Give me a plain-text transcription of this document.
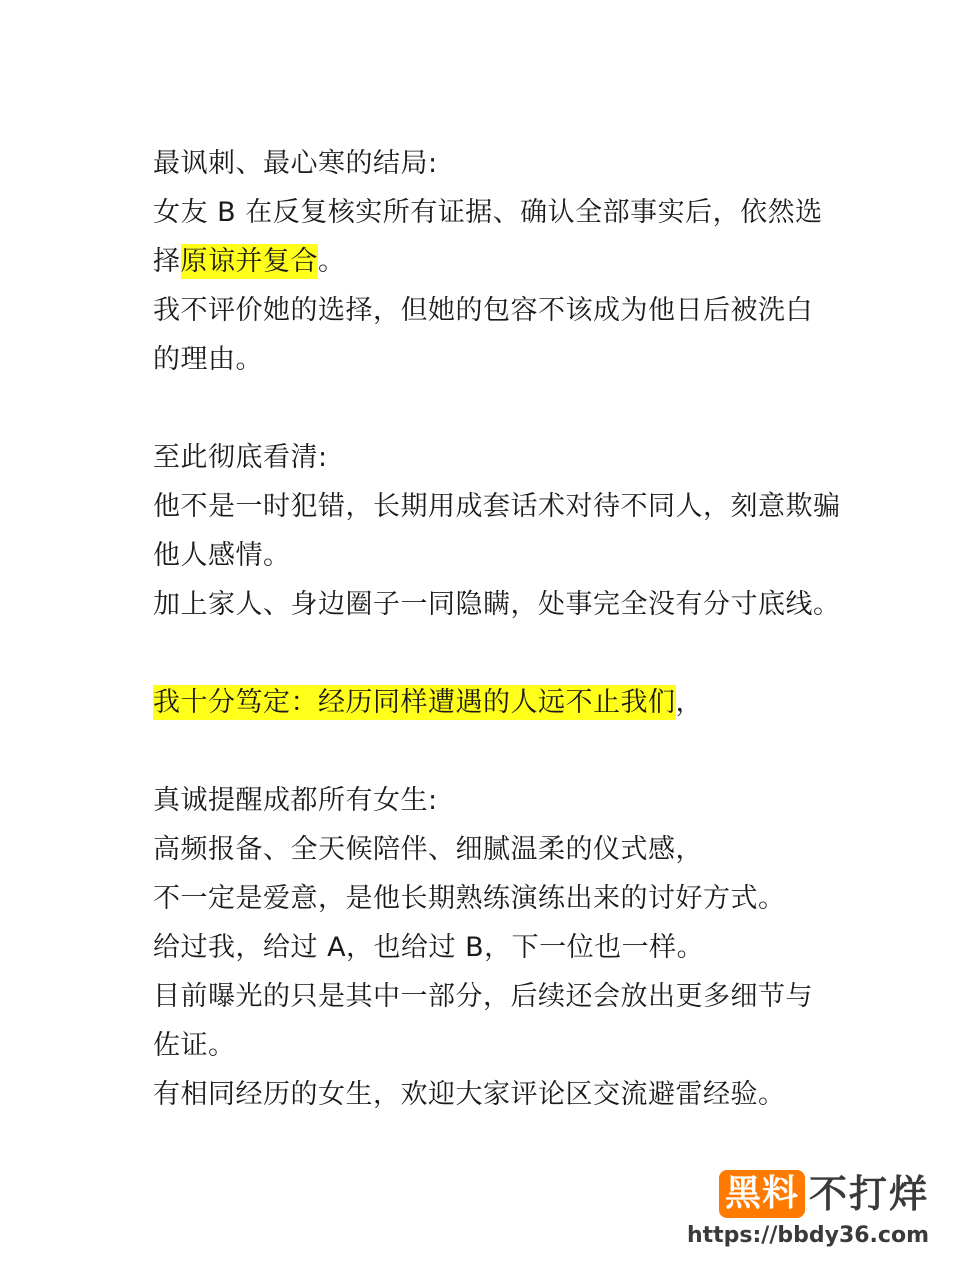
最讽刺、最心寒的结局:
女友 B 在反复核实所有证据、确认全部事实后，依然选
择原谅并复合。
我不评价她的选择，但她的包容不该成为他日后被洗白
的理由。
至此彻底看清:
他不是一时犯错，长期用成套话术对待不同人，刻意欺骗
他人感情。
加上家人、身边圈子一同隐瞒，处事完全没有分寸底线。
我十分笃定：经历同样遭遇的人远不止我们，
真诚提醒成都所有女生:
高频报备、全天候陪伴、细腻温柔的仪式感，
不一定是爱意，是他长期熟练演练出来的讨好方式。
给过我，给过 A，也给过 B，下一位也一样。
目前曝光的只是其中一部分，后续还会放出更多细节与
佐证。
有相同经历的女生，欢迎大家评论区交流避雷经验。
黑料 不打烊
https://bbdy36.com
